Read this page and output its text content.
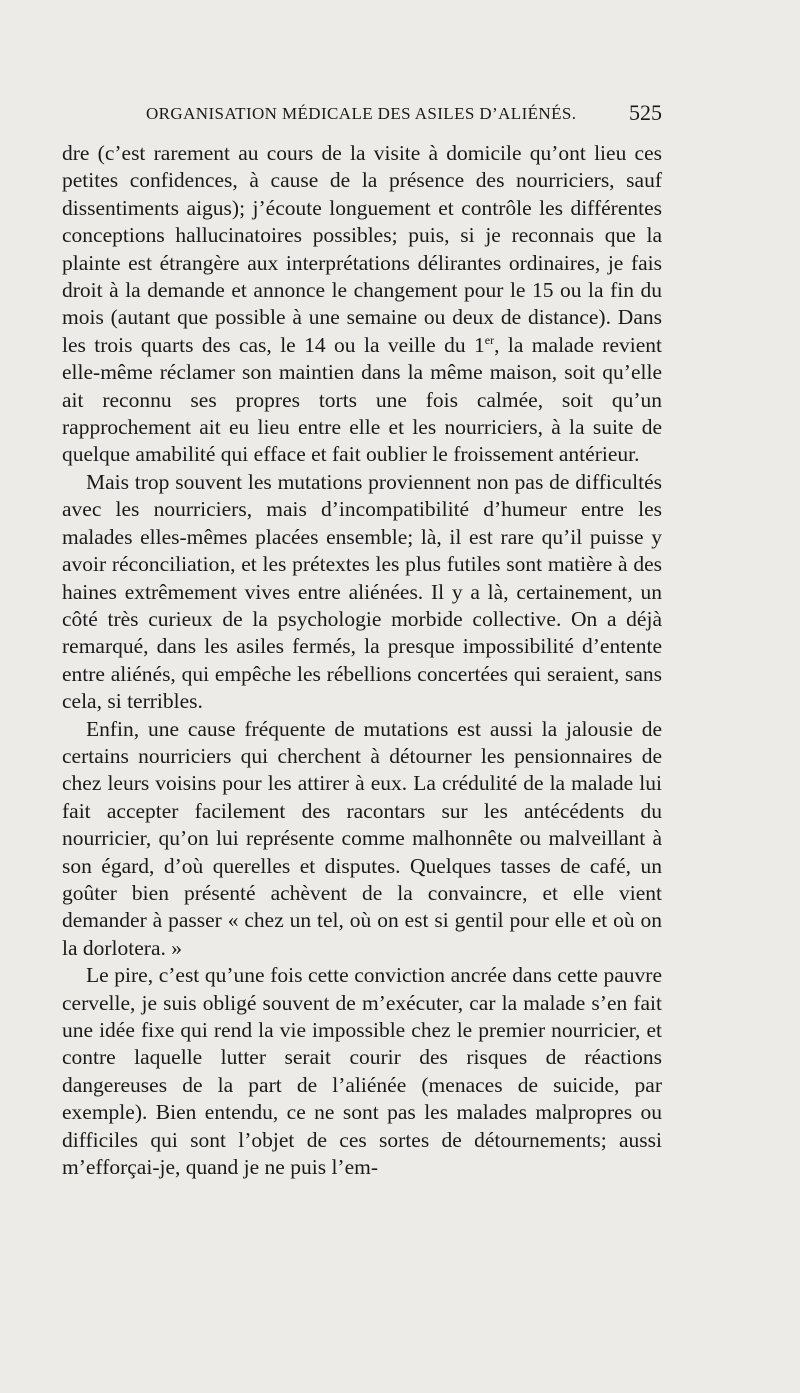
ORGANISATION MÉDICALE DES ASILES D’ALIÉNÉS. 525

dre (c’est rarement au cours de la visite à domicile qu’ont lieu ces petites confidences, à cause de la présence des nourriciers, sauf dissentiments aigus); j’écoute longuement et contrôle les différentes conceptions hallucinatoires possibles; puis, si je reconnais que la plainte est étrangère aux interprétations délirantes ordinaires, je fais droit à la demande et annonce le changement pour le 15 ou la fin du mois (autant que possible à une semaine ou deux de distance). Dans les trois quarts des cas, le 14 ou la veille du 1er, la malade revient elle-même réclamer son maintien dans la même maison, soit qu’elle ait reconnu ses propres torts une fois calmée, soit qu’un rapprochement ait eu lieu entre elle et les nourriciers, à la suite de quelque amabilité qui efface et fait oublier le froissement antérieur.

Mais trop souvent les mutations proviennent non pas de difficultés avec les nourriciers, mais d’incompatibilité d’humeur entre les malades elles-mêmes placées ensemble; là, il est rare qu’il puisse y avoir réconciliation, et les prétextes les plus futiles sont matière à des haines extrêmement vives entre aliénées. Il y a là, certainement, un côté très curieux de la psychologie morbide collective. On a déjà remarqué, dans les asiles fermés, la presque impossibilité d’entente entre aliénés, qui empêche les rébellions concertées qui seraient, sans cela, si terribles.

Enfin, une cause fréquente de mutations est aussi la jalousie de certains nourriciers qui cherchent à détourner les pensionnaires de chez leurs voisins pour les attirer à eux. La crédulité de la malade lui fait accepter facilement des racontars sur les antécédents du nourricier, qu’on lui représente comme malhonnête ou malveillant à son égard, d’où querelles et disputes. Quelques tasses de café, un goûter bien présenté achèvent de la convaincre, et elle vient demander à passer « chez un tel, où on est si gentil pour elle et où on la dorlotera. »

Le pire, c’est qu’une fois cette conviction ancrée dans cette pauvre cervelle, je suis obligé souvent de m’exécuter, car la malade s’en fait une idée fixe qui rend la vie impossible chez le premier nourricier, et contre laquelle lutter serait courir des risques de réactions dangereuses de la part de l’aliénée (menaces de suicide, par exemple). Bien entendu, ce ne sont pas les malades malpropres ou difficiles qui sont l’objet de ces sortes de détournements; aussi m’efforçai-je, quand je ne puis l’em-
